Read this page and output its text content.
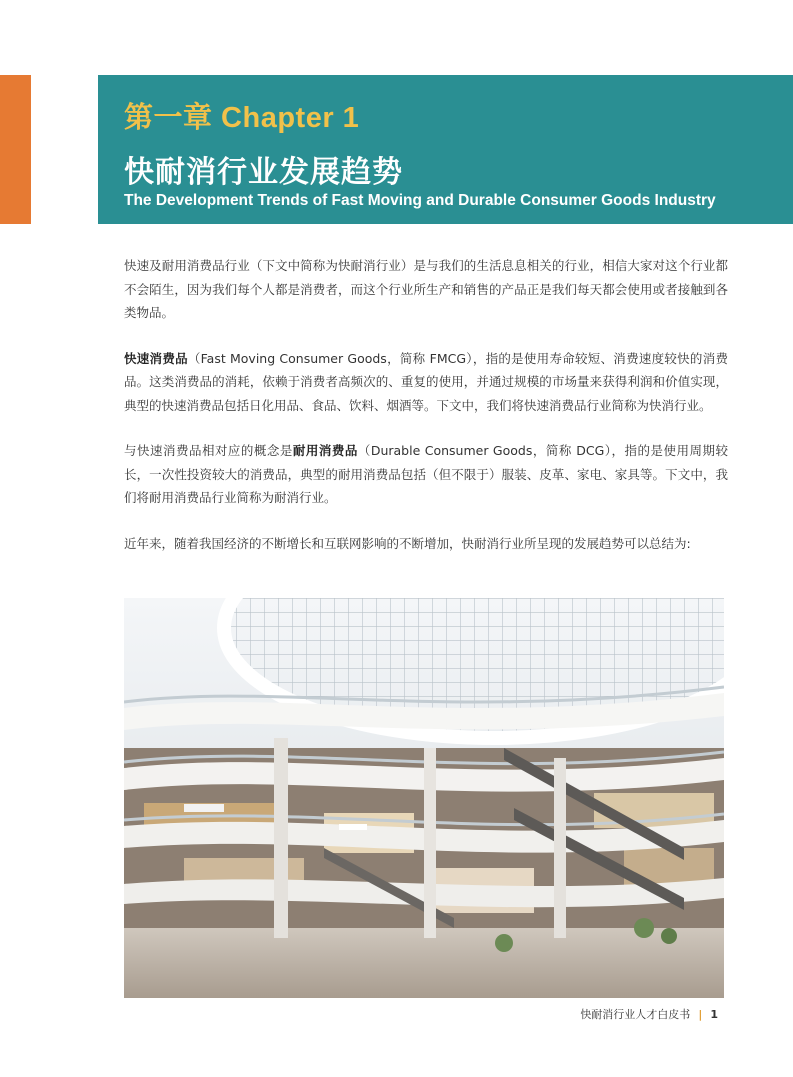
第一章 Chapter 1
快耐消行业发展趋势
The Development Trends of Fast Moving and Durable Consumer Goods Industry

快速及耐用消费品行业（下文中简称为快耐消行业）是与我们的生活息息相关的行业，相信大家对这个行业都不会陌生，因为我们每个人都是消费者，而这个行业所生产和销售的产品正是我们每天都会使用或者接触到各类物品。

快速消费品（Fast Moving Consumer Goods，简称 FMCG），指的是使用寿命较短、消费速度较快的消费品。这类消费品的消耗，依赖于消费者高频次的、重复的使用，并通过规模的市场量来获得利润和价值实现，典型的快速消费品包括日化用品、食品、饮料、烟酒等。下文中，我们将快速消费品行业简称为快消行业。

与快速消费品相对应的概念是耐用消费品（Durable Consumer Goods，简称 DCG），指的是使用周期较长，一次性投资较大的消费品，典型的耐用消费品包括（但不限于）服装、皮革、家电、家具等。下文中，我们将耐用消费品行业简称为耐消行业。

近年来，随着我国经济的不断增长和互联网影响的不断增加，快耐消行业所呈现的发展趋势可以总结为:

快耐消行业人才白皮书 | 1
